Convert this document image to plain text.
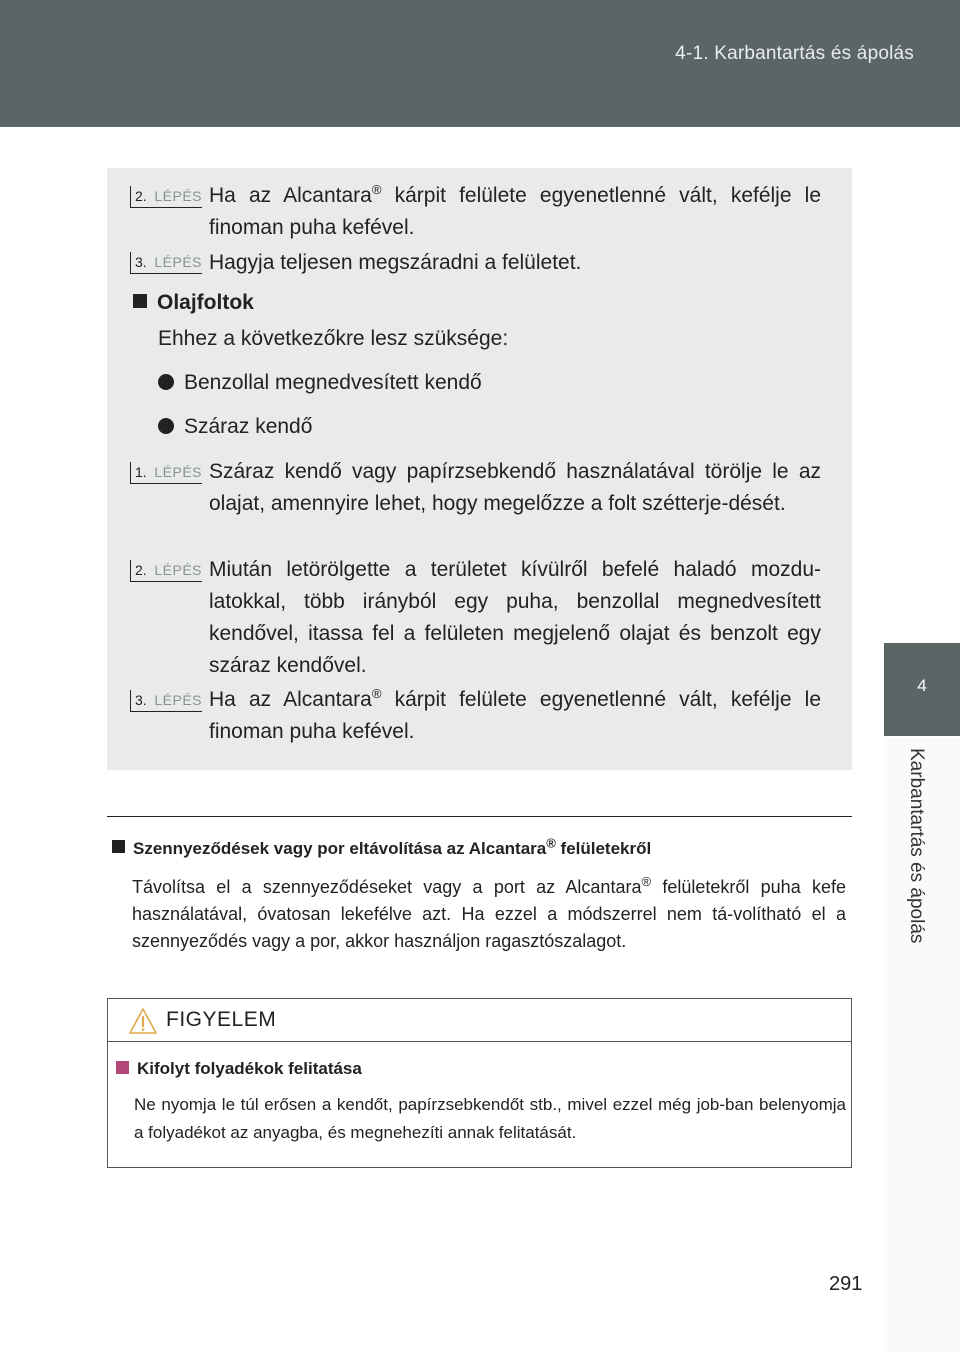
4-1. Karbantartás és ápolás
4
Karbantartás és ápolás
2. LÉPÉS Ha az Alcantara® kárpit felülete egyenetlenné vált, kefélje le finoman puha kefével.
3. LÉPÉS Hagyja teljesen megszáradni a felületet.
Olajfoltok
Ehhez a következőkre lesz szüksége:
Benzollal megnedvesített kendő
Száraz kendő
1. LÉPÉS Száraz kendő vagy papírzsebkendő használatával törölje le az olajat, amennyire lehet, hogy megelőzze a folt szétterje-dését.
2. LÉPÉS Miután letörölgette a területet kívülről befelé haladó mozdu-latokkal, több irányból egy puha, benzollal megnedvesített kendővel, itassa fel a felületen megjelenő olajat és benzolt egy száraz kendővel.
3. LÉPÉS Ha az Alcantara® kárpit felülete egyenetlenné vált, kefélje le finoman puha kefével.
Szennyeződések vagy por eltávolítása az Alcantara® felületekről
Távolítsa el a szennyeződéseket vagy a port az Alcantara® felületekről puha kefe használatával, óvatosan lekefélve azt. Ha ezzel a módszerrel nem tá-volítható el a szennyeződés vagy a por, akkor használjon ragasztószalagot.
FIGYELEM
Kifolyt folyadékok felitatása
Ne nyomja le túl erősen a kendőt, papírzsebkendőt stb., mivel ezzel még job-ban belenyomja a folyadékot az anyagba, és megnehezíti annak felitatását.
291
